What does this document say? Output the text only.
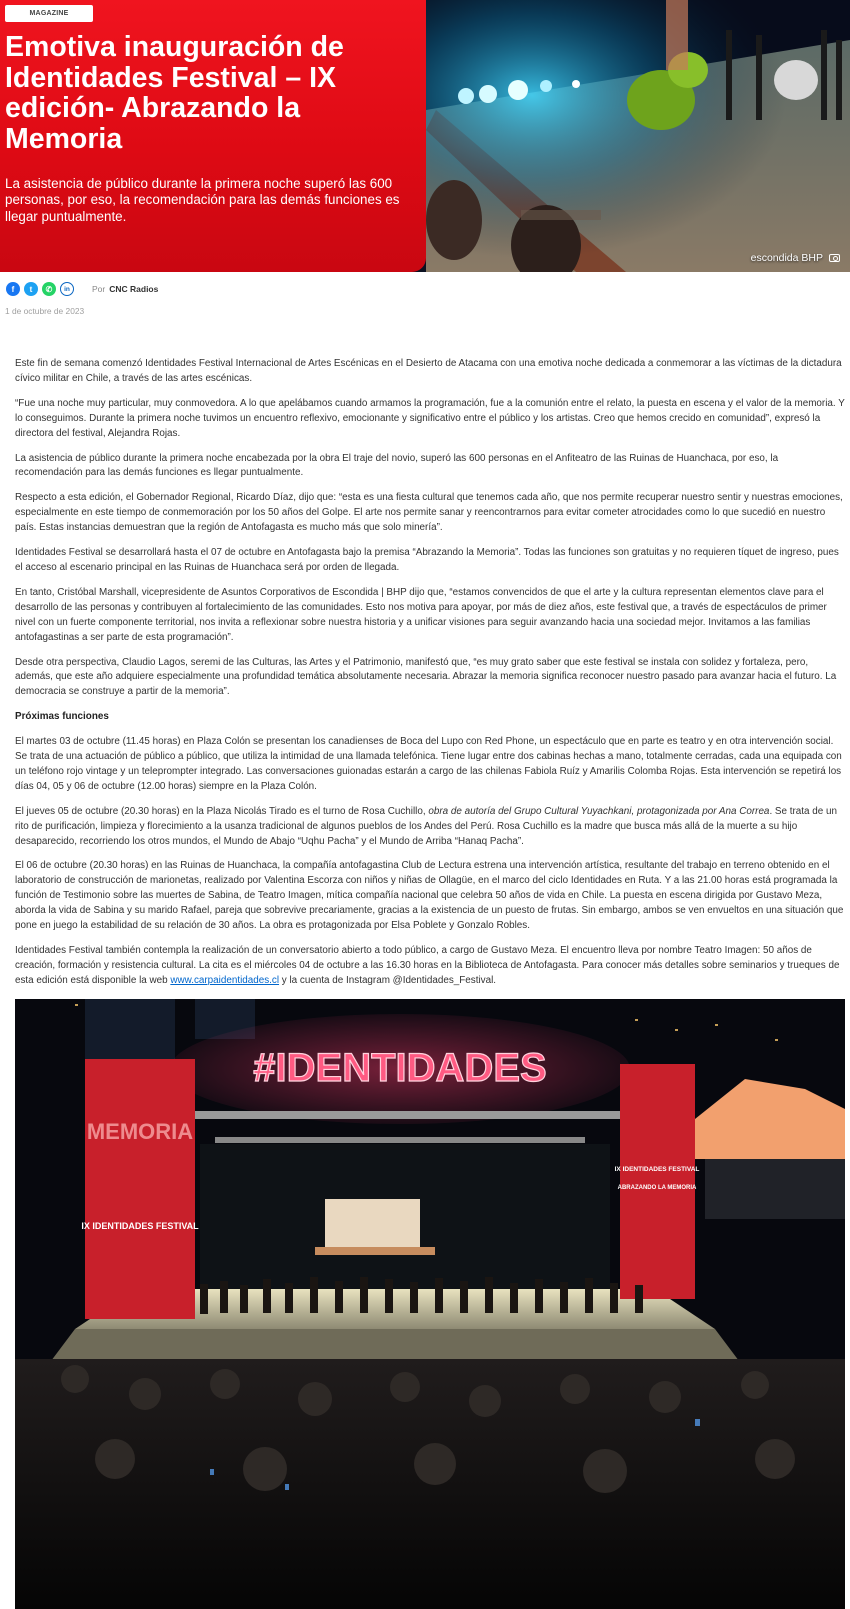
MAGAZINE
Emotiva inauguración de Identidades Festival – IX edición- Abrazando la Memoria

La asistencia de público durante la primera noche superó las 600 personas, por eso, la recomendación para las demás funciones es llegar puntualmente.

escondida BHP
f	t	✆	in	Por CNC Radios
1 de octubre de 2023

Este fin de semana comenzó Identidades Festival Internacional de Artes Escénicas en el Desierto de Atacama con una emotiva noche dedicada a conmemorar a las víctimas de la dictadura cívico militar en Chile, a través de las artes escénicas.

“Fue una noche muy particular, muy conmovedora. A lo que apelábamos cuando armamos la programación, fue a la comunión entre el relato, la puesta en escena y el valor de la memoria. Y lo conseguimos. Durante la primera noche tuvimos un encuentro reflexivo, emocionante y significativo entre el público y los artistas. Creo que hemos crecido en comunidad”, expresó la directora del festival, Alejandra Rojas.

La asistencia de público durante la primera noche encabezada por la obra El traje del novio, superó las 600 personas en el Anfiteatro de las Ruinas de Huanchaca, por eso, la recomendación para las demás funciones es llegar puntualmente.

Respecto a esta edición, el Gobernador Regional, Ricardo Díaz, dijo que: “esta es una fiesta cultural que tenemos cada año, que nos permite recuperar nuestro sentir y nuestras emociones, especialmente en este tiempo de conmemoración por los 50 años del Golpe. El arte nos permite sanar y reencontrarnos para evitar cometer atrocidades como lo que sucedió en nuestro país. Estas instancias demuestran que la región de Antofagasta es mucho más que solo minería”.

Identidades Festival se desarrollará hasta el 07 de octubre en Antofagasta bajo la premisa “Abrazando la Memoria”. Todas las funciones son gratuitas y no requieren tíquet de ingreso, pues el acceso al escenario principal en las Ruinas de Huanchaca será por orden de llegada.

En tanto, Cristóbal Marshall, vicepresidente de Asuntos Corporativos de Escondida | BHP dijo que, “estamos convencidos de que el arte y la cultura representan elementos clave para el desarrollo de las personas y contribuyen al fortalecimiento de las comunidades. Esto nos motiva para apoyar, por más de diez años, este festival que, a través de espectáculos de primer nivel con un fuerte componente territorial, nos invita a reflexionar sobre nuestra historia y a unificar visiones para seguir avanzando hacia una sociedad mejor. Invitamos a las familias antofagastinas a ser parte de esta programación”.

Desde otra perspectiva, Claudio Lagos, seremi de las Culturas, las Artes y el Patrimonio, manifestó que, “es muy grato saber que este festival se instala con solidez y fortaleza, pero, además, que este año adquiere especialmente una profundidad temática absolutamente necesaria. Abrazar la memoria significa reconocer nuestro pasado para avanzar hacia el futuro. La democracia se construye a partir de la memoria”.

Próximas funciones

El martes 03 de octubre (11.45 horas) en Plaza Colón se presentan los canadienses de Boca del Lupo con Red Phone, un espectáculo que en parte es teatro y en otra intervención social. Se trata de una actuación de público a público, que utiliza la intimidad de una llamada telefónica. Tiene lugar entre dos cabinas hechas a mano, totalmente cerradas, cada una equipada con un teléfono rojo vintage y un teleprompter integrado. Las conversaciones guionadas estarán a cargo de las chilenas Fabiola Ruíz y Amarilis Colomba Rojas. Esta intervención se repetirá los días 04, 05 y 06 de octubre (12.00 horas) siempre en la Plaza Colón.

El jueves 05 de octubre (20.30 horas) en la Plaza Nicolás Tirado es el turno de Rosa Cuchillo, obra de autoría del Grupo Cultural Yuyachkani, protagonizada por Ana Correa. Se trata de un rito de purificación, limpieza y florecimiento a la usanza tradicional de algunos pueblos de los Andes del Perú. Rosa Cuchillo es la madre que busca más allá de la muerte a su hijo desaparecido, recorriendo los otros mundos, el Mundo de Abajo “Uqhu Pacha” y el Mundo de Arriba “Hanaq Pacha”.

El 06 de octubre (20.30 horas) en las Ruinas de Huanchaca, la compañía antofagastina Club de Lectura estrena una intervención artística, resultante del trabajo en terreno obtenido en el laboratorio de construcción de marionetas, realizado por Valentina Escorza con niños y niñas de Ollagüe, en el marco del ciclo Identidades en Ruta. Y a las 21.00 horas está programada la función de Testimonio sobre las muertes de Sabina, de Teatro Imagen, mítica compañía nacional que celebra 50 años de vida en Chile. La puesta en escena dirigida por Gustavo Meza, aborda la vida de Sabina y su marido Rafael, pareja que sobrevive precariamente, gracias a la existencia de un puesto de frutas. Sin embargo, ambos se ven envueltos en una situación que pone en juego la estabilidad de su relación de 30 años. La obra es protagonizada por Elsa Poblete y Gonzalo Robles.

Identidades Festival también contempla la realización de un conversatorio abierto a todo público, a cargo de Gustavo Meza. El encuentro lleva por nombre Teatro Imagen: 50 años de creación, formación y resistencia cultural. La cita es el miércoles 04 de octubre a las 16.30 horas en la Biblioteca de Antofagasta. Para conocer más detalles sobre seminarios y trueques de esta edición está disponible la web www.carpaidentidades.cl y la cuenta de Instagram @Identidades_Festival.

#IDENTIDADES
MEMORIA
IX IDENTIDADES FESTIVAL
IX IDENTIDADES FESTIVAL
ABRAZANDO LA MEMORIA
